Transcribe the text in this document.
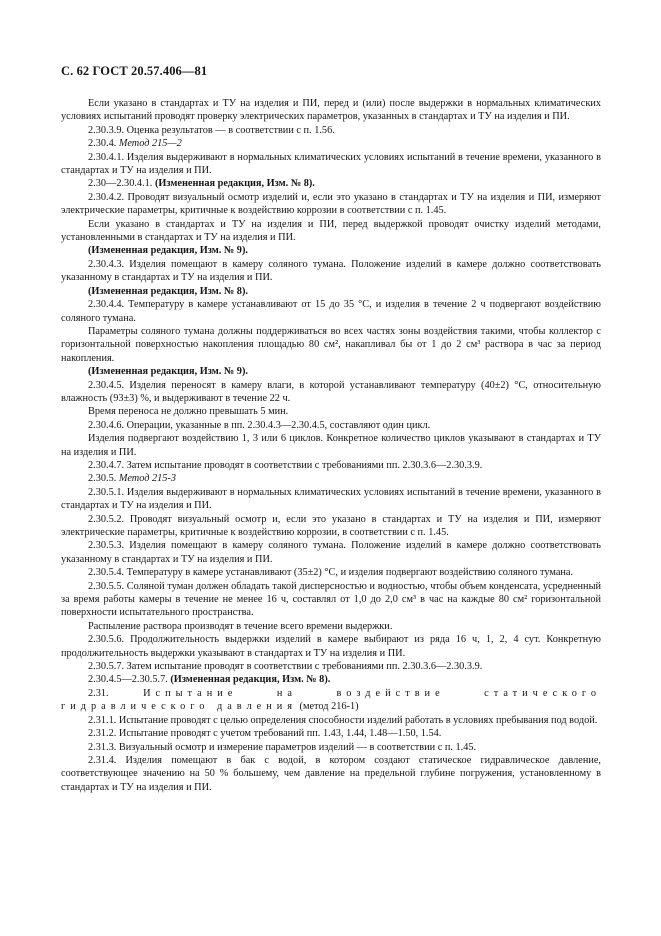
С. 62 ГОСТ 20.57.406—81

Если указано в стандартах и ТУ на изделия и ПИ, перед и (или) после выдержки в нормальных климатических условиях испытаний проводят проверку электрических параметров, указанных в стандартах и ТУ на изделия и ПИ.

2.30.3.9. Оценка результатов — в соответствии с п. 1.56.

2.30.4. Метод 215—2

2.30.4.1. Изделия выдерживают в нормальных климатических условиях испытаний в течение времени, указанного в стандартах и ТУ на изделия и ПИ.

2.30—2.30.4.1. (Измененная редакция, Изм. № 8).

2.30.4.2. Проводят визуальный осмотр изделий и, если это указано в стандартах и ТУ на изделия и ПИ, измеряют электрические параметры, критичные к воздействию коррозии в соответствии с п. 1.45.

Если указано в стандартах и ТУ на изделия и ПИ, перед выдержкой проводят очистку изделий методами, установленными в стандартах и ТУ на изделия и ПИ.

(Измененная редакция, Изм. № 9).

2.30.4.3. Изделия помещают в камеру соляного тумана. Положение изделий в камере должно соответствовать указанному в стандартах и ТУ на изделия и ПИ.

(Измененная редакция, Изм. № 8).

2.30.4.4. Температуру в камере устанавливают от 15 до 35 °С, и изделия в течение 2 ч подвергают воздействию соляного тумана.

Параметры соляного тумана должны поддерживаться во всех частях зоны воздействия такими, чтобы коллектор с горизонтальной поверхностью накопления площадью 80 см², накапливал бы от 1 до 2 см³ раствора в час за период накопления.

(Измененная редакция, Изм. № 9).

2.30.4.5. Изделия переносят в камеру влаги, в которой устанавливают температуру (40±2) °С, относительную влажность (93±3) %, и выдерживают в течение 22 ч.

Время переноса не должно превышать 5 мин.

2.30.4.6. Операции, указанные в пп. 2.30.4.3—2.30.4.5, составляют один цикл.

Изделия подвергают воздействию 1, 3 или 6 циклов. Конкретное количество циклов указывают в стандартах и ТУ на изделия и ПИ.

2.30.4.7. Затем испытание проводят в соответствии с требованиями пп. 2.30.3.6—2.30.3.9.

2.30.5. Метод 215-3

2.30.5.1. Изделия выдерживают в нормальных климатических условиях испытаний в течение времени, указанного в стандартах и ТУ на изделия и ПИ.

2.30.5.2. Проводят визуальный осмотр и, если это указано в стандартах и ТУ на изделия и ПИ, измеряют электрические параметры, критичные к воздействию коррозии, в соответствии с п. 1.45.

2.30.5.3. Изделия помещают в камеру соляного тумана. Положение изделий в камере должно соответствовать указанному в стандартах и ТУ на изделия и ПИ.

2.30.5.4. Температуру в камере устанавливают (35±2) °С, и изделия подвергают воздействию соляного тумана.

2.30.5.5. Соляной туман должен обладать такой дисперсностью и водностью, чтобы объем конденсата, усредненный за время работы камеры в течение не менее 16 ч, составлял от 1,0 до 2,0 см³ в час на каждые 80 см² горизонтальной поверхности испытательного пространства.

Распыление раствора производят в течение всего времени выдержки.

2.30.5.6. Продолжительность выдержки изделий в камере выбирают из ряда 16 ч, 1, 2, 4 сут. Конкретную продолжительность выдержки указывают в стандартах и ТУ на изделия и ПИ.

2.30.5.7. Затем испытание проводят в соответствии с требованиями пп. 2.30.3.6—2.30.3.9.

2.30.4.5—2.30.5.7. (Измененная редакция, Изм. № 8).

2.31. Испытание на воздействие статического гидравлического давления (метод 216-1)

2.31.1. Испытание проводят с целью определения способности изделий работать в условиях пребывания под водой.

2.31.2. Испытание проводят с учетом требований пп. 1.43, 1.44, 1.48—1.50, 1.54.

2.31.3. Визуальный осмотр и измерение параметров изделий — в соответствии с п. 1.45.

2.31.4. Изделия помещают в бак с водой, в котором создают статическое гидравлическое давление, соответствующее значению на 50 % большему, чем давление на предельной глубине погружения, установленному в стандартах и ТУ на изделия и ПИ.
